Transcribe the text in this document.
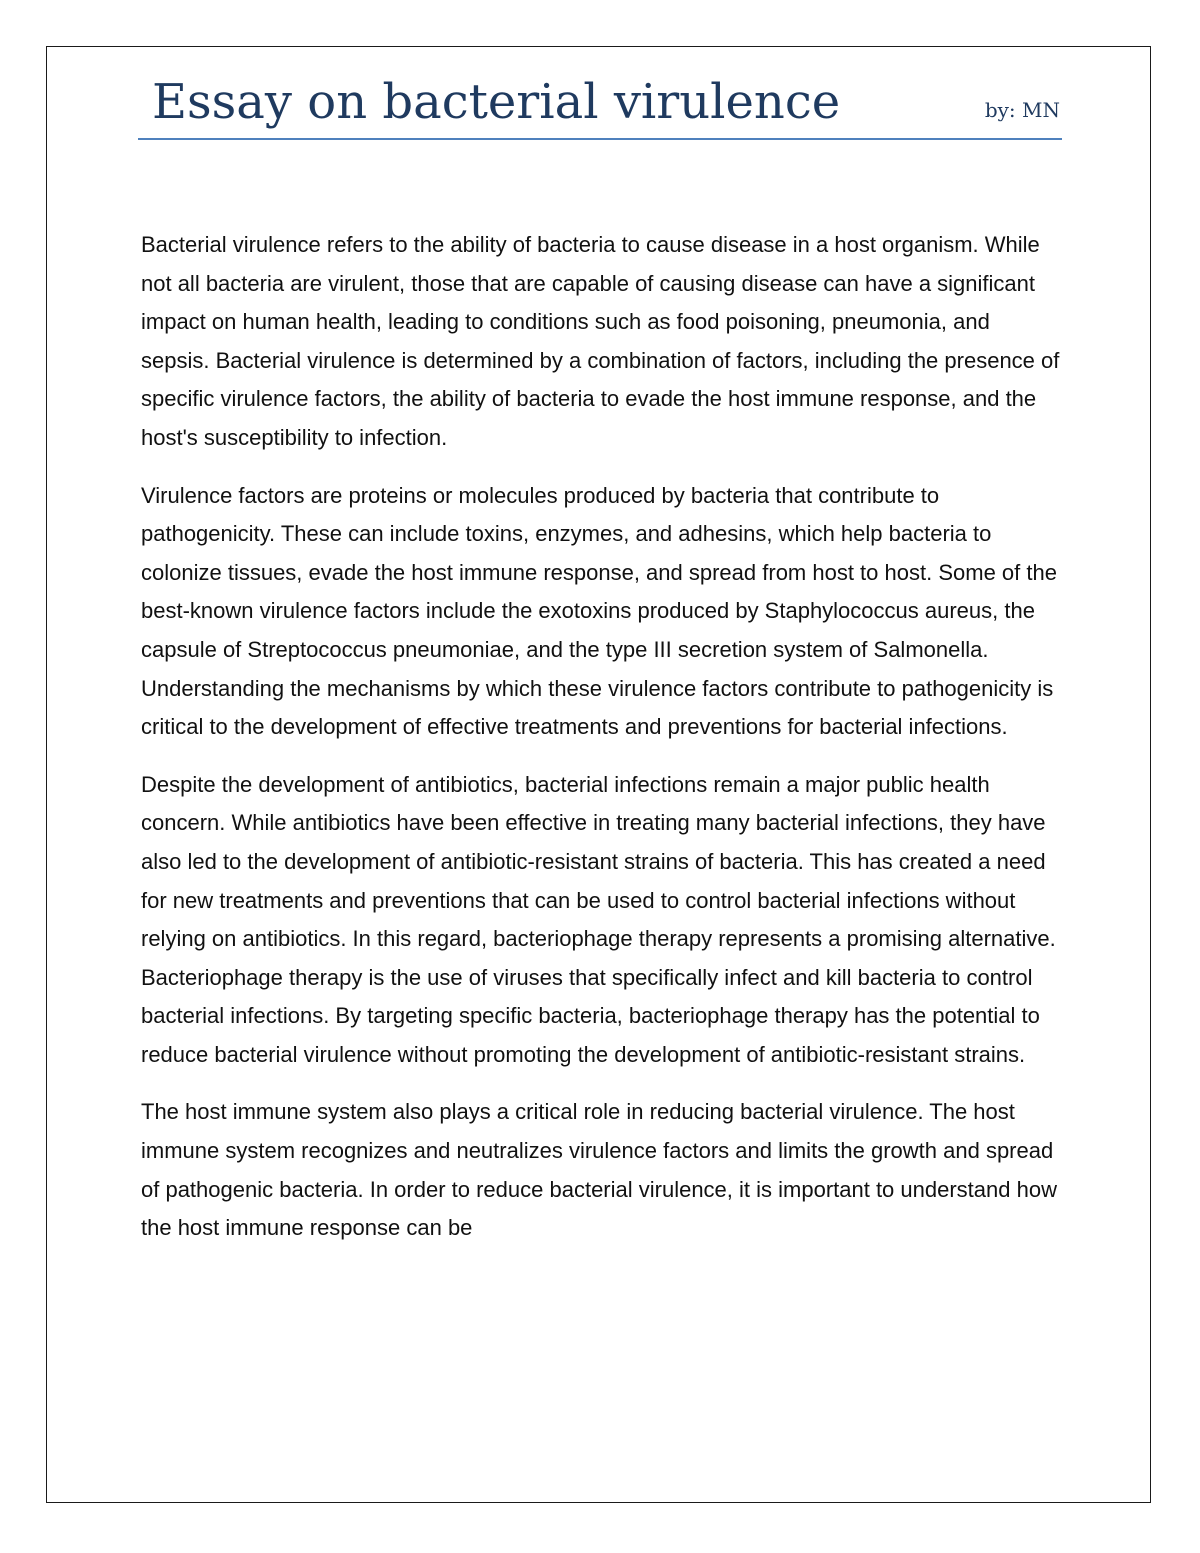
Essay on bacterial virulence	by: MN

Bacterial virulence refers to the ability of bacteria to cause disease in a host organism. While not all bacteria are virulent, those that are capable of causing disease can have a significant impact on human health, leading to conditions such as food poisoning, pneumonia, and sepsis. Bacterial virulence is determined by a combination of factors, including the presence of specific virulence factors, the ability of bacteria to evade the host immune response, and the host's susceptibility to infection.

Virulence factors are proteins or molecules produced by bacteria that contribute to pathogenicity. These can include toxins, enzymes, and adhesins, which help bacteria to colonize tissues, evade the host immune response, and spread from host to host. Some of the best-known virulence factors include the exotoxins produced by Staphylococcus aureus, the capsule of Streptococcus pneumoniae, and the type III secretion system of Salmonella. Understanding the mechanisms by which these virulence factors contribute to pathogenicity is critical to the development of effective treatments and preventions for bacterial infections.

Despite the development of antibiotics, bacterial infections remain a major public health concern. While antibiotics have been effective in treating many bacterial infections, they have also led to the development of antibiotic-resistant strains of bacteria. This has created a need for new treatments and preventions that can be used to control bacterial infections without relying on antibiotics. In this regard, bacteriophage therapy represents a promising alternative. Bacteriophage therapy is the use of viruses that specifically infect and kill bacteria to control bacterial infections. By targeting specific bacteria, bacteriophage therapy has the potential to reduce bacterial virulence without promoting the development of antibiotic-resistant strains.

The host immune system also plays a critical role in reducing bacterial virulence. The host immune system recognizes and neutralizes virulence factors and limits the growth and spread of pathogenic bacteria. In order to reduce bacterial virulence, it is important to understand how the host immune response can be
